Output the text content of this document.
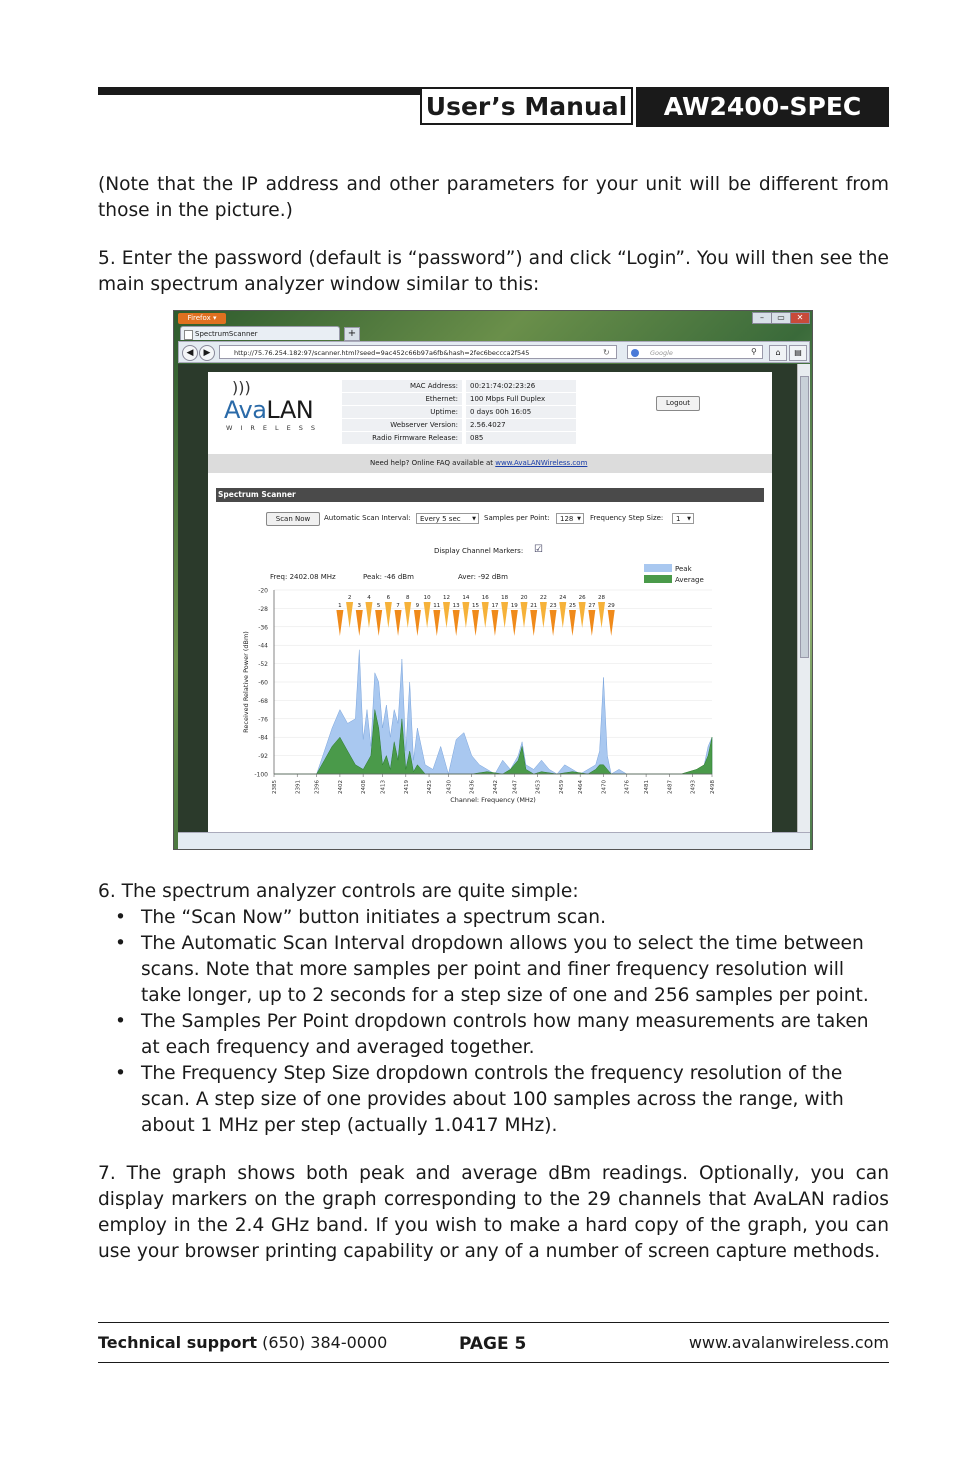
User’s Manual	AW2400-SPEC
(Note that the IP address and other parameters for your unit will be different from those in the picture.)
5. Enter the password (default is “password”) and click “Login”. You will then see the main spectrum analyzer window similar to this:
Firefox ▾	–	▭	✕
SpectrumScanner	+
◀	▶	http://75.76.254.182:97/scanner.html?seed=9ac452c66b97a6fb&hash=2fec6beccca2f545	↻	Google	⚲	⌂	▤
)))
AvaLAN
WIRELESS
MAC Address:	00:21:74:02:23:26
Ethernet:	100 Mbps Full Duplex
Uptime:	0 days 00h 16:05
Webserver Version:	2.56.4027
Radio Firmware Release:	085
Logout
Need help? Online FAQ available at www.AvaLANWireless.com
Spectrum Scanner
Scan Now	Automatic Scan Interval:	Every 5 sec ▼ Samples per Point:	128 ▼ Frequency Step Size:	1 ▼
Display Channel Markers: ☑
Freq: 2402.08 MHz	Peak: -46 dBm	Aver: -92 dBm
Peak
Average
-20
-28
-36
-44
-52
-60
-68
-76
-84
-92
-100
2385	2391 2396	2402	2408 2413	2419	2425 2430	2436	2442 2447	2453	2459 2464	2470	2476 2481	2487	2493 2498
Channel: Frequency (MHz)
Received Relative Power (dBm)
1
2
3
4
5
6
7
8
9
10
11
12
13
14
15
16
17
18
19
20
21
22
23
24
25
26
27
28
29
6. The spectrum analyzer controls are quite simple:
• The “Scan Now” button initiates a spectrum scan.
• The Automatic Scan Interval dropdown allows you to select the time between scans. Note that more samples per point and finer frequency resolution will take longer, up to 2 seconds for a step size of one and 256 samples per point.
• The Samples Per Point dropdown controls how many measurements are taken at each frequency and averaged together.
• The Frequency Step Size dropdown controls the frequency resolution of the scan. A step size of one provides about 100 samples across the range, with about 1 MHz per step (actually 1.0417 MHz).
7. The graph shows both peak and average dBm readings. Optionally, you can display markers on the graph corresponding to the 29 channels that AvaLAN radios employ in the 2.4 GHz band. If you wish to make a hard copy of the graph, you can use your browser printing capability or any of a number of screen capture methods.
Technical support (650) 384-0000	PAGE 5	www.avalanwireless.com
